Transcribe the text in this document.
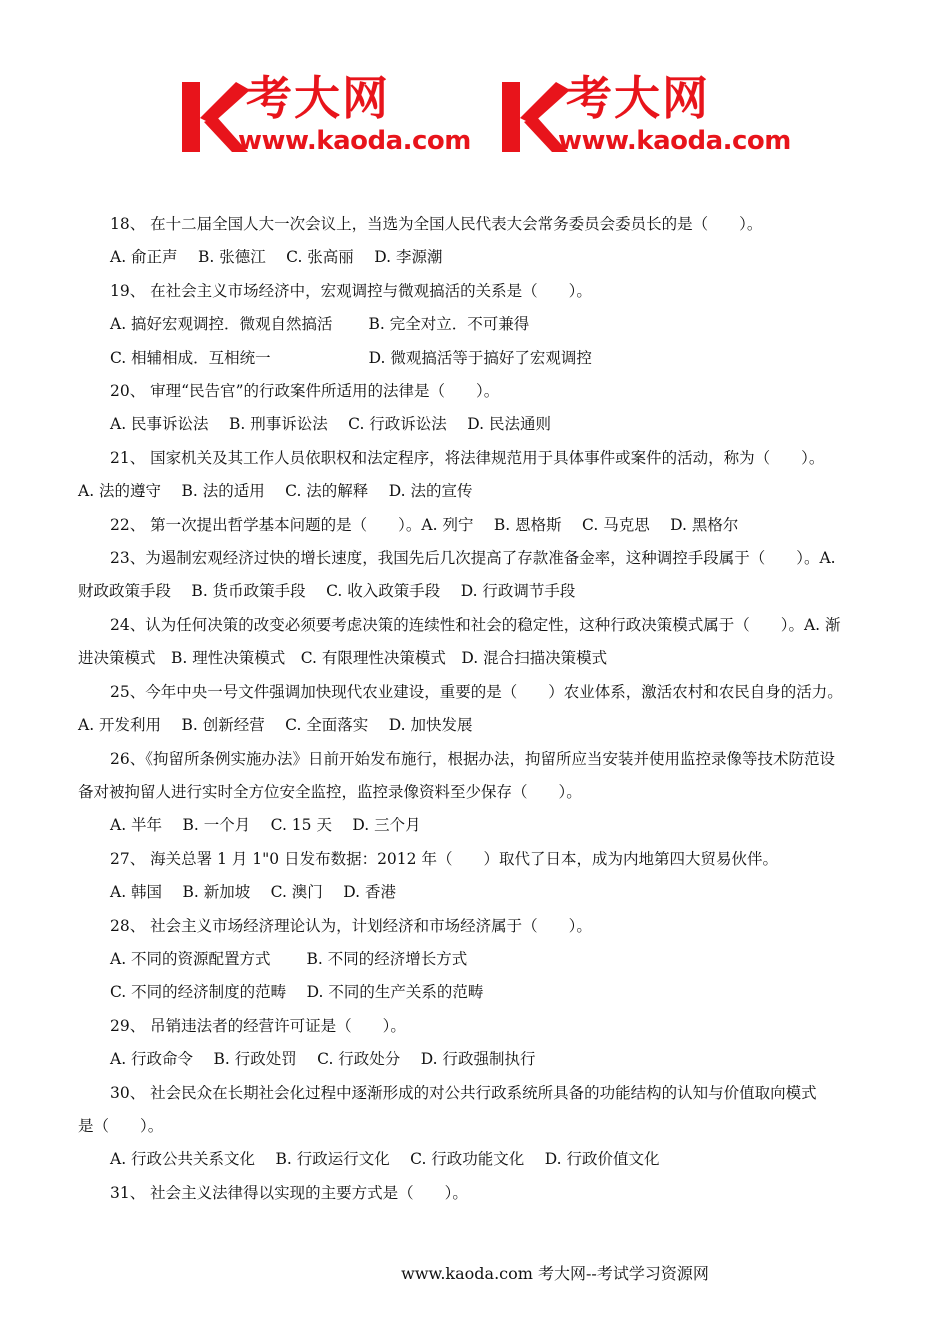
考大网
www.kaoda.com
考大网
www.kaoda.com
18、 在十二届全国人大一次会议上，当选为全国人民代表大会常务委员会委员长的是（　　）。
A. 俞正声　 B. 张德江　 C. 张高丽　 D. 李源潮
19、 在社会主义市场经济中，宏观调控与微观搞活的关系是（　　）。
A. 搞好宏观调控．微观自然搞活　　 B. 完全对立．不可兼得
C. 相辅相成．互相统一　　　　　　 D. 微观搞活等于搞好了宏观调控
20、 审理“民告官”的行政案件所适用的法律是（　　）。
A. 民事诉讼法　 B. 刑事诉讼法　 C. 行政诉讼法　 D. 民法通则
21、 国家机关及其工作人员依职权和法定程序，将法律规范用于具体事件或案件的活动，称为（　　）。
A. 法的遵守　 B. 法的适用　 C. 法的解释　 D. 法的宣传
22、 第一次提出哲学基本问题的是（　　）。A. 列宁　 B. 恩格斯　 C. 马克思　 D. 黑格尔
23、为遏制宏观经济过快的增长速度，我国先后几次提高了存款准备金率，这种调控手段属于（　　）。A.
财政政策手段　 B. 货币政策手段　 C. 收入政策手段　 D. 行政调节手段
24、认为任何决策的改变必须要考虑决策的连续性和社会的稳定性，这种行政决策模式属于（　　）。A. 渐
进决策模式　B. 理性决策模式　C. 有限理性决策模式　D. 混合扫描决策模式
25、今年中央一号文件强调加快现代农业建设，重要的是（　　）农业体系，激活农村和农民自身的活力。
A. 开发利用　 B. 创新经营　 C. 全面落实　 D. 加快发展
26、《拘留所条例实施办法》日前开始发布施行，根据办法，拘留所应当安装并使用监控录像等技术防范设
备对被拘留人进行实时全方位安全监控，监控录像资料至少保存（　　）。
A. 半年　 B. 一个月　 C. 15 天　 D. 三个月
27、 海关总署 1 月 1"0 日发布数据：2012 年（　　）取代了日本，成为内地第四大贸易伙伴。
A. 韩国　 B. 新加坡　 C. 澳门　 D. 香港
28、 社会主义市场经济理论认为，计划经济和市场经济属于（　　）。
A. 不同的资源配置方式　　 B. 不同的经济增长方式
C. 不同的经济制度的范畴　 D. 不同的生产关系的范畴
29、 吊销违法者的经营许可证是（　　）。
A. 行政命令　 B. 行政处罚　 C. 行政处分　 D. 行政强制执行
30、 社会民众在长期社会化过程中逐渐形成的对公共行政系统所具备的功能结构的认知与价值取向模式
是（　　）。
A. 行政公共关系文化　 B. 行政运行文化　 C. 行政功能文化　 D. 行政价值文化
31、 社会主义法律得以实现的主要方式是（　　）。
www.kaoda.com 考大网--考试学习资源网
